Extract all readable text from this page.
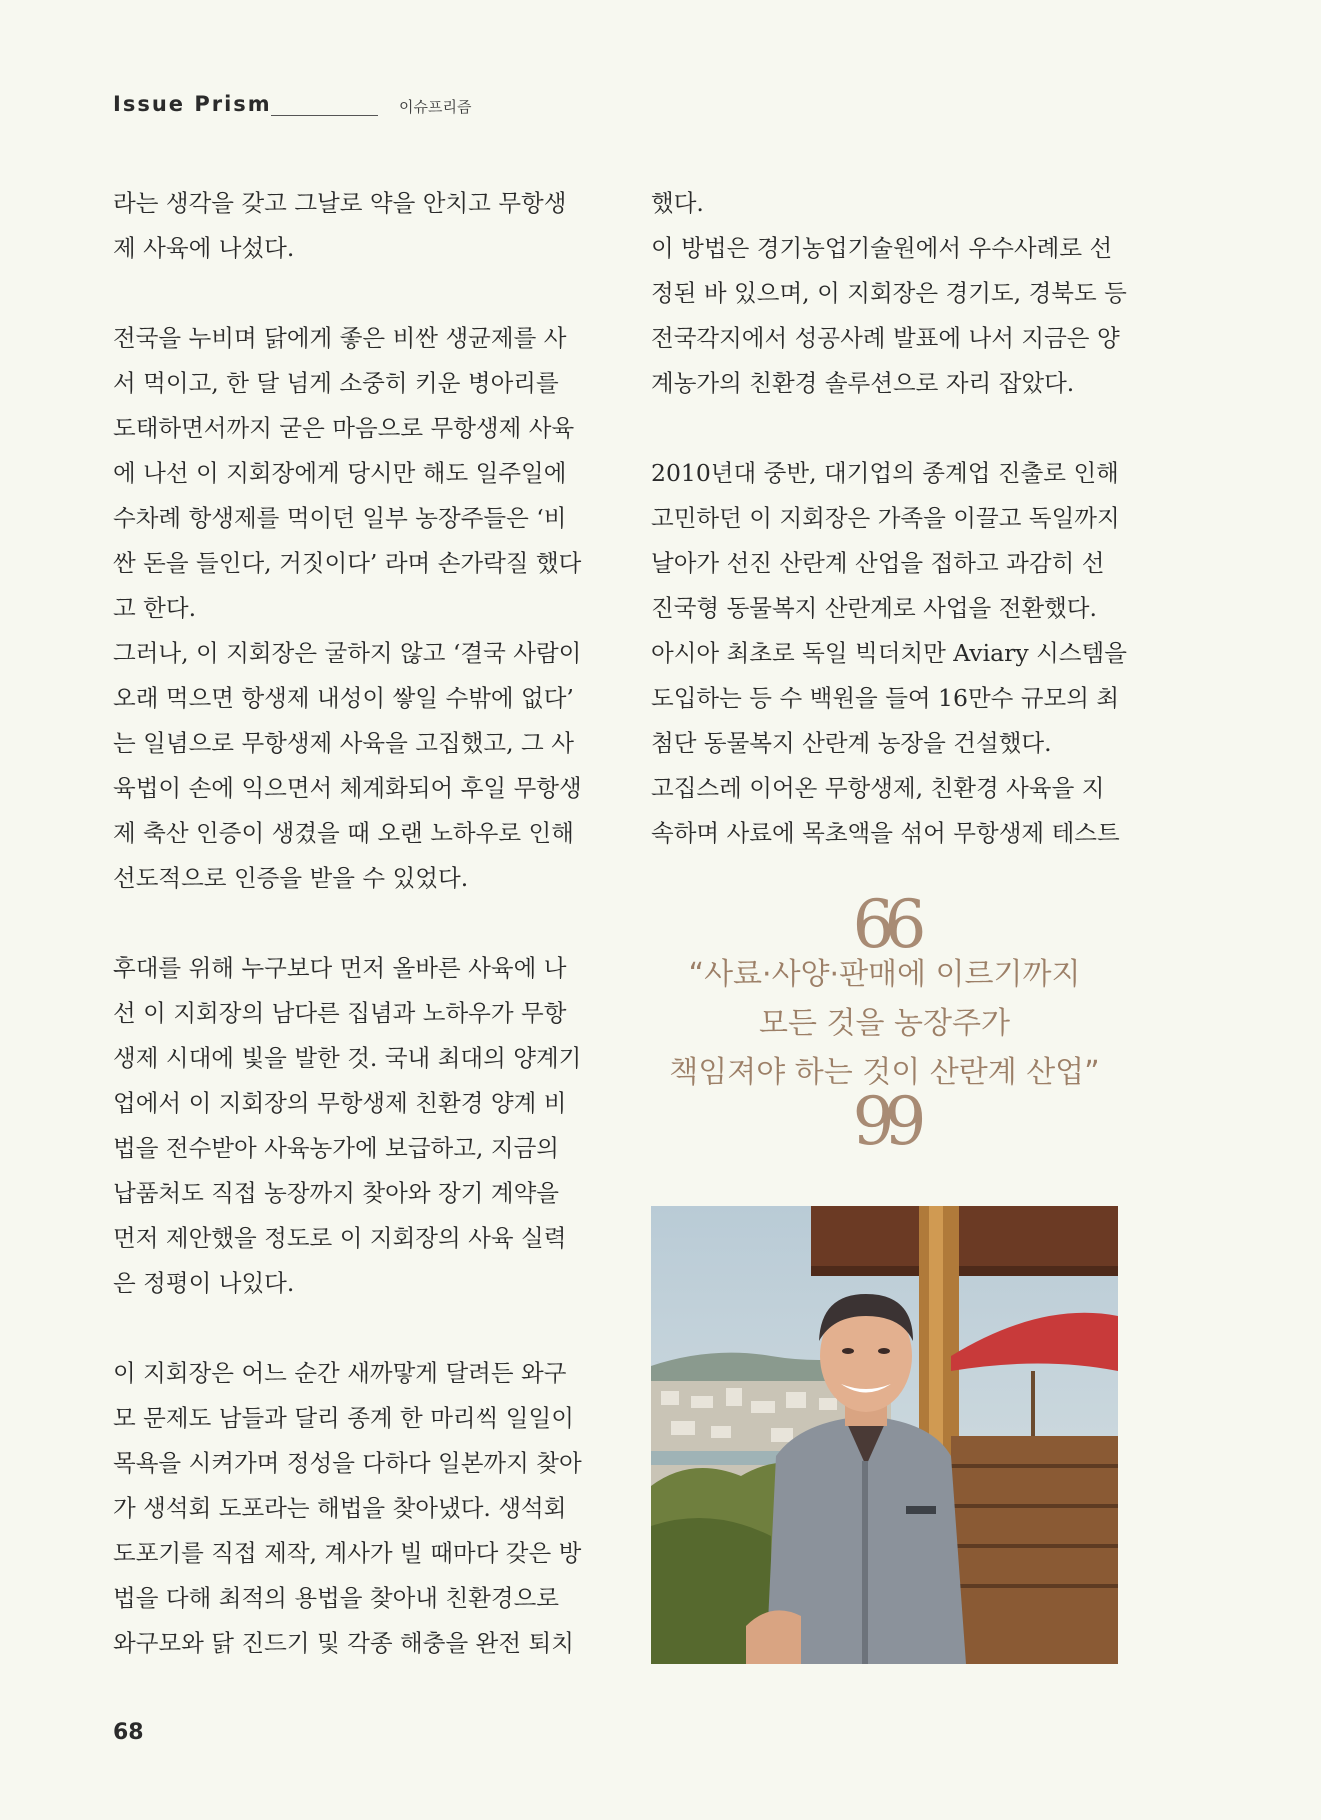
Issue Prism	이슈프리즘

라는 생각을 갖고 그날로 약을 안치고 무항생

제 사육에 나섰다.

전국을 누비며 닭에게 좋은 비싼 생균제를 사

서 먹이고, 한 달 넘게 소중히 키운 병아리를

도태하면서까지 굳은 마음으로 무항생제 사육

에 나선 이 지회장에게 당시만 해도 일주일에

수차례 항생제를 먹이던 일부 농장주들은 ‘비

싼 돈을 들인다, 거짓이다’ 라며 손가락질 했다

고 한다.

그러나, 이 지회장은 굴하지 않고 ‘결국 사람이

오래 먹으면 항생제 내성이 쌓일 수밖에 없다’

는 일념으로 무항생제 사육을 고집했고, 그 사

육법이 손에 익으면서 체계화되어 후일 무항생

제 축산 인증이 생겼을 때 오랜 노하우로 인해

선도적으로 인증을 받을 수 있었다.

후대를 위해 누구보다 먼저 올바른 사육에 나

선 이 지회장의 남다른 집념과 노하우가 무항

생제 시대에 빛을 발한 것. 국내 최대의 양계기

업에서 이 지회장의 무항생제 친환경 양계 비

법을 전수받아 사육농가에 보급하고, 지금의

납품처도 직접 농장까지 찾아와 장기 계약을

먼저 제안했을 정도로 이 지회장의 사육 실력

은 정평이 나있다.

이 지회장은 어느 순간 새까맣게 달려든 와구

모 문제도 남들과 달리 종계 한 마리씩 일일이

목욕을 시켜가며 정성을 다하다 일본까지 찾아

가 생석회 도포라는 해법을 찾아냈다. 생석회

도포기를 직접 제작, 계사가 빌 때마다 갖은 방

법을 다해 최적의 용법을 찾아내 친환경으로

와구모와 닭 진드기 및 각종 해충을 완전 퇴치

했다.

이 방법은 경기농업기술원에서 우수사례로 선

정된 바 있으며, 이 지회장은 경기도, 경북도 등

전국각지에서 성공사례 발표에 나서 지금은 양

계농가의 친환경 솔루션으로 자리 잡았다.

2010년대 중반, 대기업의 종계업 진출로 인해

고민하던 이 지회장은 가족을 이끌고 독일까지

날아가 선진 산란계 산업을 접하고 과감히 선

진국형 동물복지 산란계로 사업을 전환했다.

아시아 최초로 독일 빅더치만 Aviary 시스템을

도입하는 등 수 백원을 들여 16만수 규모의 최

첨단 동물복지 산란계 농장을 건설했다.

고집스레 이어온 무항생제, 친환경 사육을 지

속하며 사료에 목초액을 섞어 무항생제 테스트

66
“사료·사양·판매에 이르기까지
모든 것을 농장주가
책임져야 하는 것이 산란계 산업”
99
68
